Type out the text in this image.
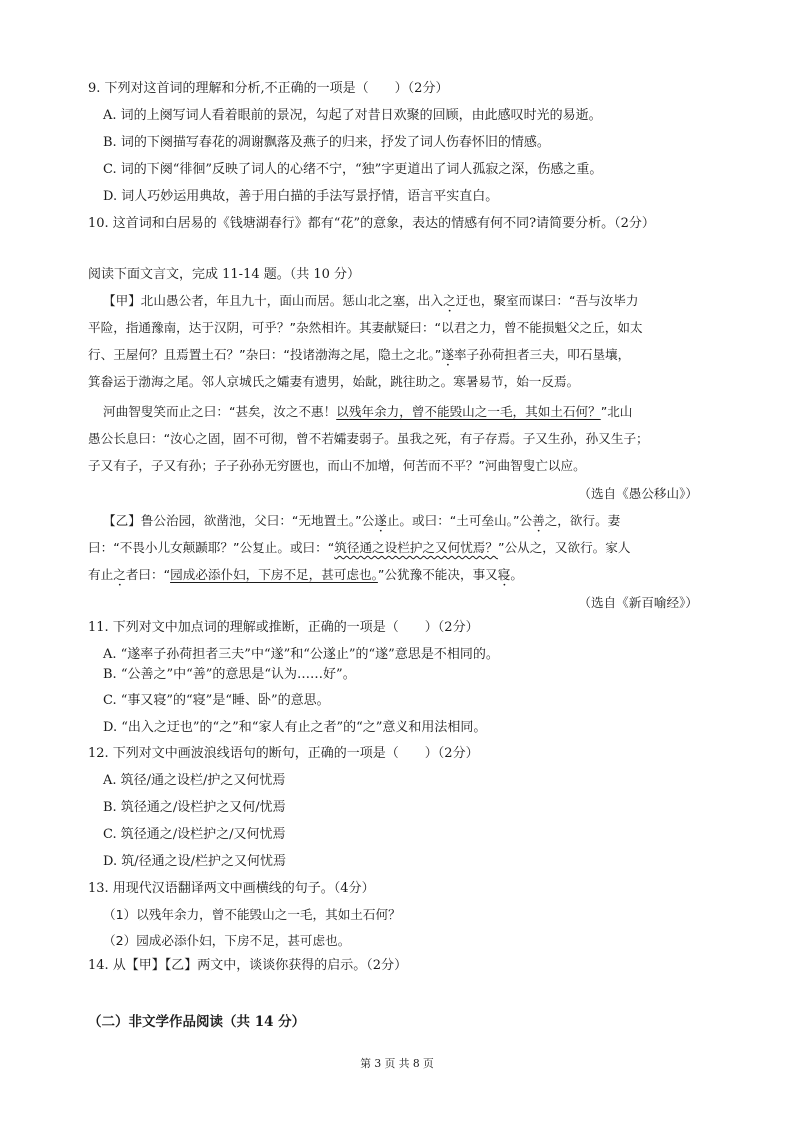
9. 下列对这首词的理解和分析,不正确的一项是（　　）（2分）
A. 词的上阕写词人看着眼前的景况，勾起了对昔日欢聚的回顾，由此感叹时光的易逝。
B. 词的下阕描写春花的凋谢飘落及燕子的归来，抒发了词人伤春怀旧的情感。
C. 词的下阕“徘徊”反映了词人的心绪不宁，“独”字更道出了词人孤寂之深，伤感之重。
D. 词人巧妙运用典故，善于用白描的手法写景抒情，语言平实直白。
10. 这首词和白居易的《钱塘湖春行》都有“花”的意象，表达的情感有何不同?请简要分析。（2分）
阅读下面文言文，完成 11-14 题。（共 10 分）
【甲】北山愚公者，年且九十，面山而居。惩山北之塞，出入之迂也，聚室而谋曰：“吾与汝毕力
平险，指通豫南，达于汉阴，可乎？”杂然相许。其妻献疑曰：“以君之力，曾不能损魁父之丘，如太
行、王屋何？且焉置土石？”杂曰：“投诸渤海之尾，隐土之北。”遂率子孙荷担者三夫，叩石垦壤，
箕畚运于渤海之尾。邻人京城氏之孀妻有遗男，始龀，跳往助之。寒暑易节，始一反焉。
河曲智叟笑而止之曰：“甚矣，汝之不惠！以残年余力，曾不能毁山之一毛，其如土石何？”北山
愚公长息曰：“汝心之固，固不可彻，曾不若孀妻弱子。虽我之死，有子存焉。子又生孙，孙又生子；
子又有子，子又有孙；子子孙孙无穷匮也，而山不加增，何苦而不平？”河曲智叟亡以应。
（选自《愚公移山》）
【乙】鲁公治园，欲凿池，父曰：“无地置土。”公遂止。或曰：“土可垒山。”公善之，欲行。妻
曰：“不畏小儿女颠踬耶？”公复止。或曰：“筑径通之设栏护之又何忧焉？”公从之，又欲行。家人
有止之者曰：“园成必添仆妇，下房不足，甚可虑也。”公犹豫不能决，事又寝。
（选自《新百喻经》）
11. 下列对文中加点词的理解或推断，正确的一项是（　　）（2分）
A. “遂率子孙荷担者三夫”中“遂”和“公遂止”的“遂”意思是不相同的。
B. “公善之”中“善”的意思是“认为……好”。
C. “事又寝”的“寝”是“睡、卧”的意思。
D. “出入之迂也”的“之”和“家人有止之者”的“之”意义和用法相同。
12. 下列对文中画波浪线语句的断句，正确的一项是（　　）（2分）
A. 筑径/通之设栏/护之又何忧焉
B. 筑径通之/设栏护之又何/忧焉
C. 筑径通之/设栏护之/又何忧焉
D. 筑/径通之设/栏护之又何忧焉
13. 用现代汉语翻译两文中画横线的句子。（4分）
（1）以残年余力，曾不能毁山之一毛，其如土石何？
（2）园成必添仆妇，下房不足，甚可虑也。
14. 从【甲】【乙】两文中，谈谈你获得的启示。（2分）
（二）非文学作品阅读（共 14 分）
第 3 页 共 8 页
